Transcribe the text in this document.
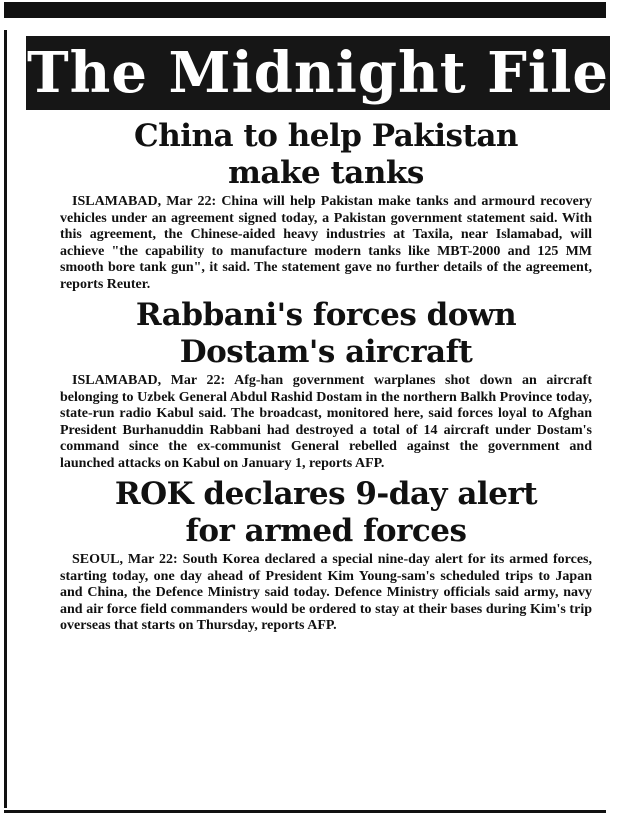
The Midnight File
China to help Pakistan
make tanks

ISLAMABAD, Mar 22: China will help Pakistan make tanks and armourd recovery vehicles under an agreement signed today, a Pakistan government statement said. With this agreement, the Chinese-aided heavy industries at Taxila, near Islamabad, will achieve "the capability to manufacture modern tanks like MBT-2000 and 125 MM smooth bore tank gun", it said. The statement gave no further details of the agreement, reports Reuter.

Rabbani's forces down
Dostam's aircraft

ISLAMABAD, Mar 22: Afg-han government warplanes shot down an aircraft belonging to Uzbek General Abdul Rashid Dostam in the northern Balkh Province today, state-run radio Kabul said. The broadcast, monitored here, said forces loyal to Afghan President Burhanuddin Rabbani had destroyed a total of 14 aircraft under Dostam's command since the ex-communist General rebelled against the government and launched attacks on Kabul on January 1, reports AFP.

ROK declares 9-day alert
for armed forces

SEOUL, Mar 22: South Korea declared a special nine-day alert for its armed forces, starting today, one day ahead of President Kim Young-sam's scheduled trips to Japan and China, the Defence Ministry said today. Defence Ministry officials said army, navy and air force field commanders would be ordered to stay at their bases during Kim's trip overseas that starts on Thursday, reports AFP.
